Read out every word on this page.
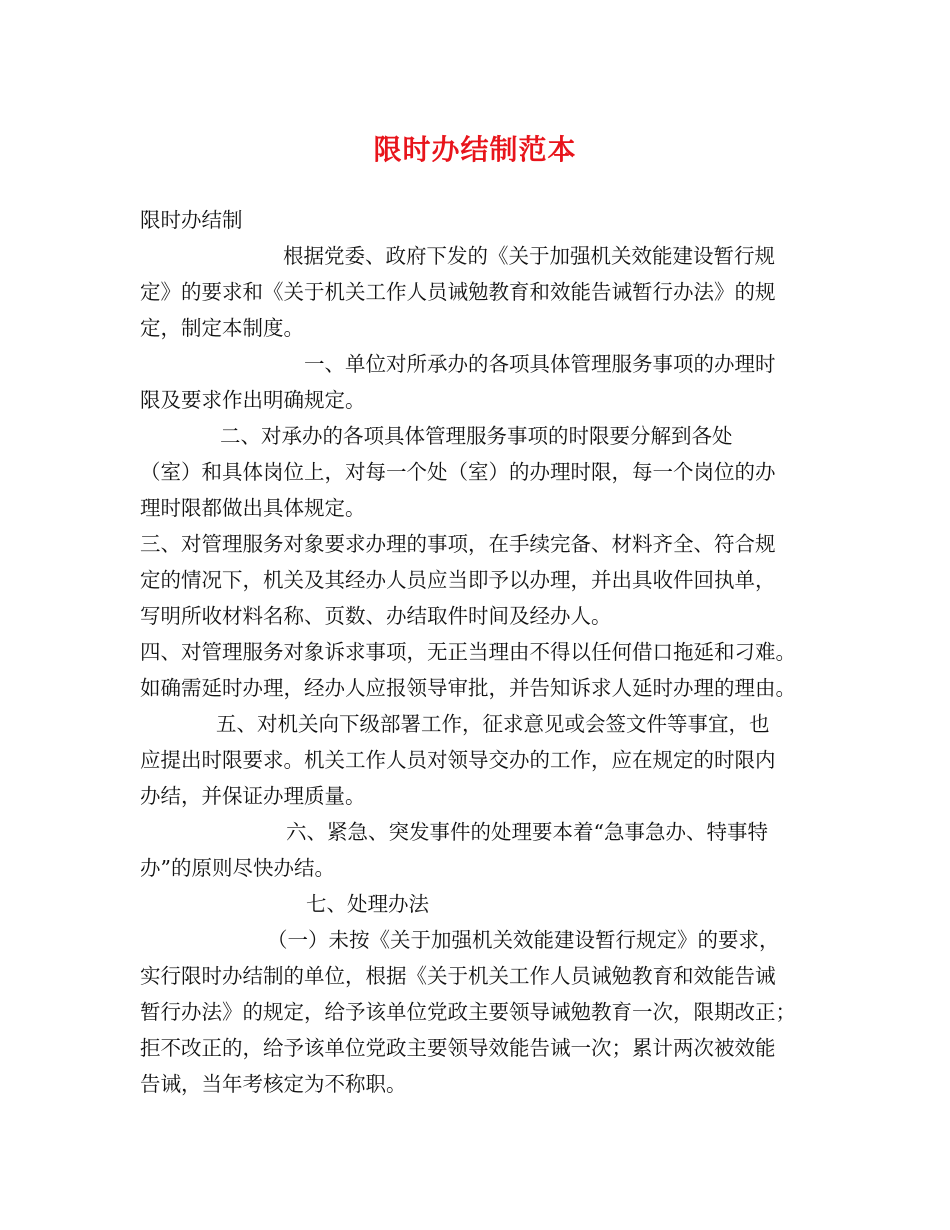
限时办结制范本
限时办结制
根据党委、政府下发的《关于加强机关效能建设暂行规
定》的要求和《关于机关工作人员诫勉教育和效能告诫暂行办法》的规
定，制定本制度。
一、单位对所承办的各项具体管理服务事项的办理时
限及要求作出明确规定。
二、对承办的各项具体管理服务事项的时限要分解到各处
（室）和具体岗位上，对每一个处（室）的办理时限，每一个岗位的办
理时限都做出具体规定。
三、对管理服务对象要求办理的事项，在手续完备、材料齐全、符合规
定的情况下，机关及其经办人员应当即予以办理，并出具收件回执单，
写明所收材料名称、页数、办结取件时间及经办人。
四、对管理服务对象诉求事项，无正当理由不得以任何借口拖延和刁难。
如确需延时办理，经办人应报领导审批，并告知诉求人延时办理的理由。
五、对机关向下级部署工作，征求意见或会签文件等事宜，也
应提出时限要求。机关工作人员对领导交办的工作，应在规定的时限内
办结，并保证办理质量。
六、紧急、突发事件的处理要本着“急事急办、特事特
办”的原则尽快办结。
七、处理办法
（一）未按《关于加强机关效能建设暂行规定》的要求，
实行限时办结制的单位，根据《关于机关工作人员诫勉教育和效能告诫
暂行办法》的规定，给予该单位党政主要领导诫勉教育一次，限期改正；
拒不改正的，给予该单位党政主要领导效能告诫一次；累计两次被效能
告诫，当年考核定为不称职。
